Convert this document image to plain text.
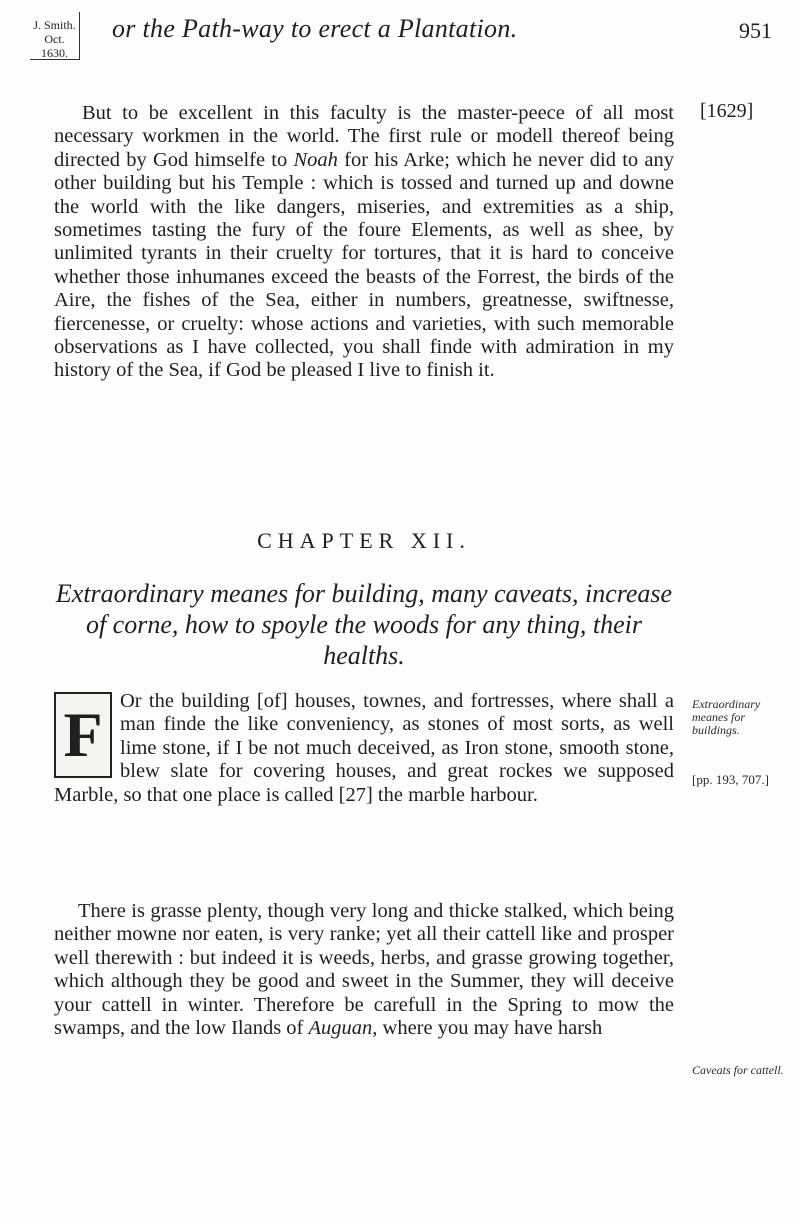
J. Smith.
Oct. 1630.
or the Path-way to erect a Plantation.	951
[1629]

But to be excellent in this faculty is the master-peece of all most necessary workmen in the world. The first rule or modell thereof being directed by God himselfe to Noah for his Arke; which he never did to any other building but his Temple : which is tossed and turned up and downe the world with the like dangers, miseries, and extremities as a ship, sometimes tasting the fury of the foure Elements, as well as shee, by unlimited tyrants in their cruelty for tortures, that it is hard to conceive whether those inhumanes exceed the beasts of the Forrest, the birds of the Aire, the fishes of the Sea, either in numbers, greatnesse, swiftnesse, fiercenesse, or cruelty: whose actions and varieties, with such memorable observations as I have collected, you shall finde with admiration in my history of the Sea, if God be pleased I live to finish it.

CHAPTER XII.
Extraordinary meanes for building, many caveats, increase of corne, how to spoyle the woods for any thing, their healths.
F Or the building [of] houses, townes, and fortresses, where shall a man finde the like conveniency, as stones of most sorts, as well lime stone, if I be not much deceived, as Iron stone, smooth stone, blew slate for covering houses, and great rockes we supposed Marble, so that one place is called [27] the marble harbour.

There is grasse plenty, though very long and thicke stalked, which being neither mowne nor eaten, is very ranke; yet all their cattell like and prosper well therewith : but indeed it is weeds, herbs, and grasse growing together, which although they be good and sweet in the Summer, they will deceive your cattell in winter. Therefore be carefull in the Spring to mow the swamps, and the low Ilands of Auguan, where you may have harsh

Extraordinary meanes for buildings.
[pp. 193, 707.]
Caveats for cattell.
